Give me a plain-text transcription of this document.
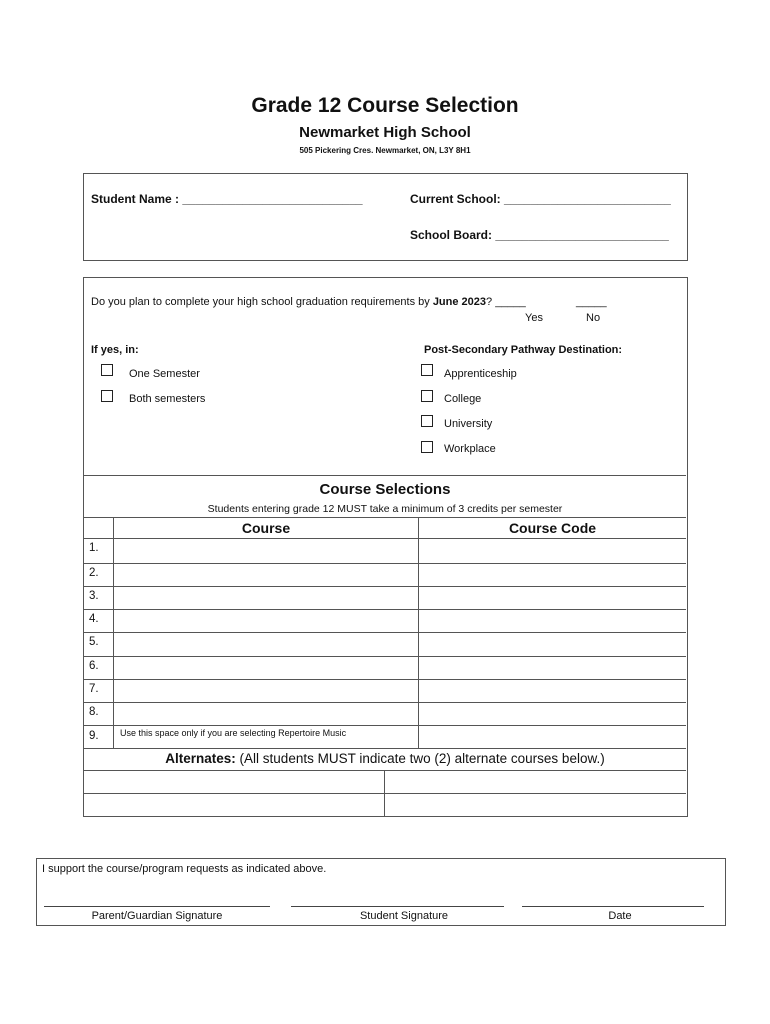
Grade 12 Course Selection
Newmarket High School
505 Pickering Cres. Newmarket, ON, L3Y 8H1
Student Name : ___________________________	Current School: _________________________
School Board: __________________________
Do you plan to complete your high school graduation requirements by June 2023? _____	_____
Yes	No
If yes, in:
One Semester
Both semesters
Post-Secondary Pathway Destination:
Apprenticeship
College
University
Workplace
Course Selections
Students entering grade 12 MUST take a minimum of 3 credits per semester
Course	Course Code
1.
2.
3.
4.
5.
6.
7.
8.
9. Use this space only if you are selecting Repertoire Music
Alternates: (All students MUST indicate two (2) alternate courses below.)
I support the course/program requests as indicated above.
Parent/Guardian Signature	Student Signature	Date
